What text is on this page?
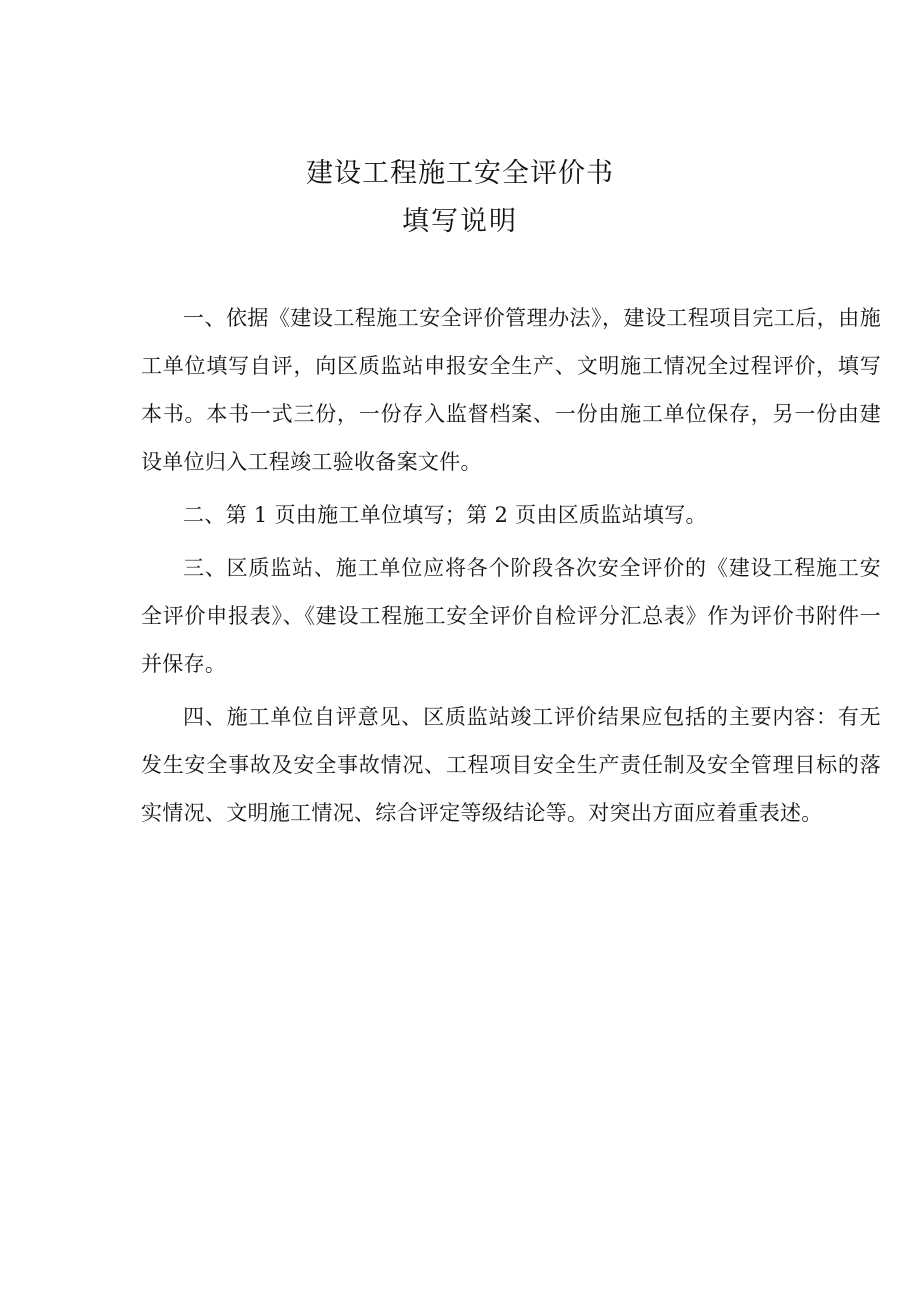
建设工程施工安全评价书
填写说明

一、依据《建设工程施工安全评价管理办法》，建设工程项目完工后，由施工单位填写自评，向区质监站申报安全生产、文明施工情况全过程评价，填写本书。本书一式三份，一份存入监督档案、一份由施工单位保存，另一份由建设单位归入工程竣工验收备案文件。

二、第 1 页由施工单位填写；第 2 页由区质监站填写。

三、区质监站、施工单位应将各个阶段各次安全评价的《建设工程施工安全评价申报表》、《建设工程施工安全评价自检评分汇总表》作为评价书附件一并保存。

四、施工单位自评意见、区质监站竣工评价结果应包括的主要内容：有无发生安全事故及安全事故情况、工程项目安全生产责任制及安全管理目标的落实情况、文明施工情况、综合评定等级结论等。对突出方面应着重表述。
